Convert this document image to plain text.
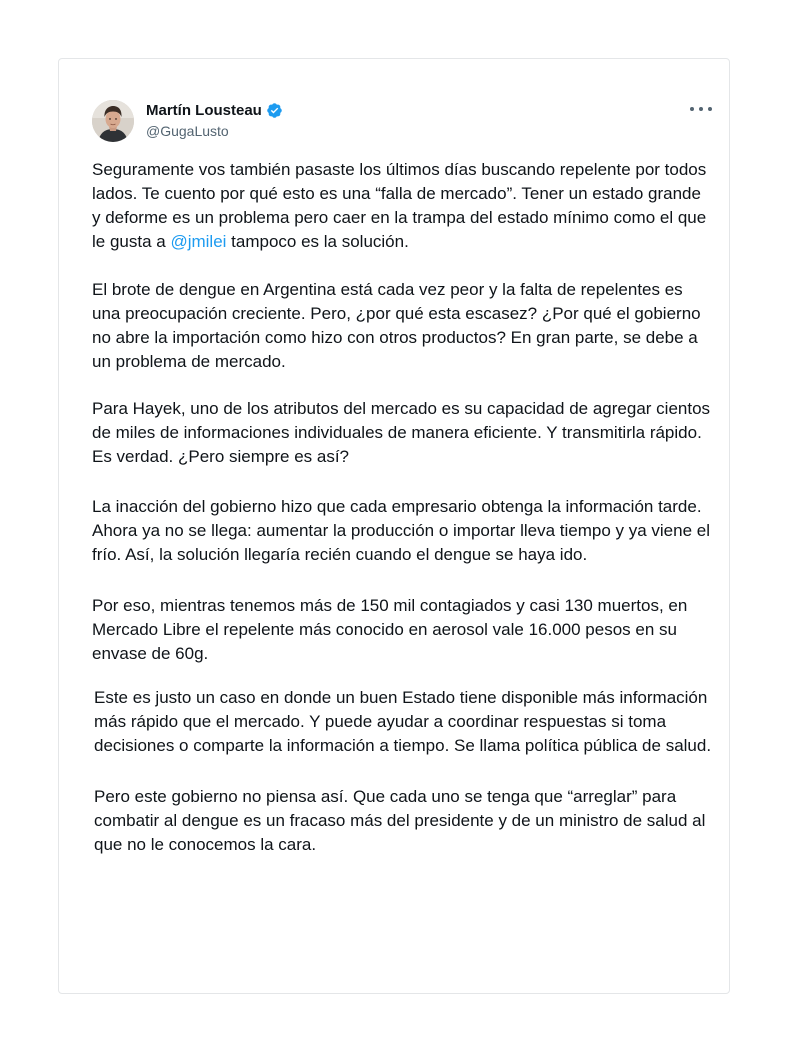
Martín Lousteau
@GugaLusto

Seguramente vos también pasaste los últimos días buscando repelente por todos lados. Te cuento por qué esto es una “falla de mercado”. Tener un estado grande y deforme es un problema pero caer en la trampa del estado mínimo como el que le gusta a @jmilei tampoco es la solución.

El brote de dengue en Argentina está cada vez peor y la falta de repelentes es una preocupación creciente. Pero, ¿por qué esta escasez? ¿Por qué el gobierno no abre la importación como hizo con otros productos? En gran parte, se debe a un problema de mercado.

Para Hayek, uno de los atributos del mercado es su capacidad de agregar cientos de miles de informaciones individuales de manera eficiente. Y transmitirla rápido. Es verdad. ¿Pero siempre es así?

La inacción del gobierno hizo que cada empresario obtenga la información tarde. Ahora ya no se llega: aumentar la producción o importar lleva tiempo y ya viene el frío. Así, la solución llegaría recién cuando el dengue se haya ido.

Por eso, mientras tenemos más de 150 mil contagiados y casi 130 muertos, en Mercado Libre el repelente más conocido en aerosol vale 16.000 pesos en su envase de 60g.

Este es justo un caso en donde un buen Estado tiene disponible más información más rápido que el mercado. Y puede ayudar a coordinar respuestas si toma decisiones o comparte la información a tiempo. Se llama política pública de salud.

Pero este gobierno no piensa así. Que cada uno se tenga que “arreglar” para combatir al dengue es un fracaso más del presidente y de un ministro de salud al que no le conocemos la cara.
